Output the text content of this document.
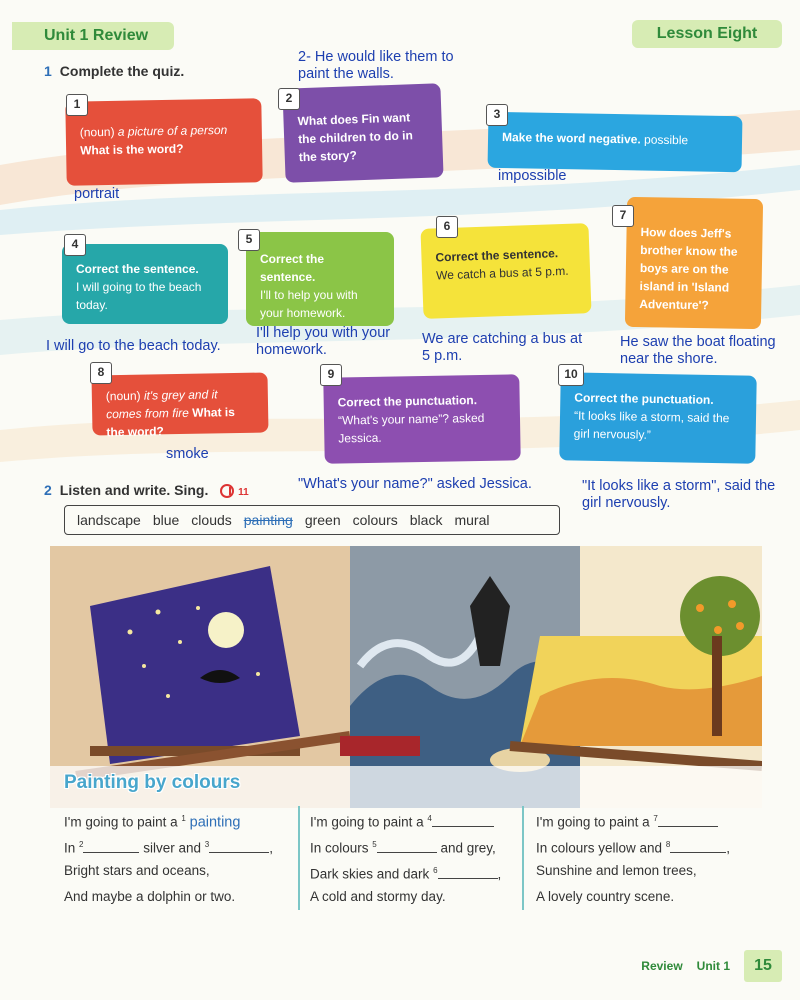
Unit 1 Review	Lesson Eight
1 Complete the quiz.
(noun) a picture of a person
What is the word?
1
What does Fin want the children to do in the story?
2
Make the word negative. possible
3
Correct the sentence.
I will going to the beach today.
4
Correct the sentence.
I'll to help you with your homework.
5
Correct the sentence.
We catch a bus at 5 p.m.
6	How does Jeff's brother know the boys are on the island in 'Island Adventure'?
7
(noun) it's grey and it comes from fire What is the word?
8
Correct the punctuation.
“What's your name”? asked Jessica.
9
Correct the punctuation.
“It looks like a storm, said the girl nervously.”
10
portrait
2- He would like them to paint the walls.
impossible
I will go to the beach today.
I'll help you with your homework.
We are catching a bus at 5 p.m.
He saw the boat floating near the shore.
smoke
"What's your name?" asked Jessica.	"It looks like a storm", said the girl nervously.
2 Listen and write. Sing.	11
landscape blue clouds painting green colours black mural
Painting by colours
I'm going to paint a $^1$ painting
In $^2$	silver and $^3$	,
Bright stars and oceans,
And maybe a dolphin or two.
I'm going to paint a $^4$
In colours $^5$	and grey,
Dark skies and dark $^6$	,
A cold and stormy day.
I'm going to paint a $^7$
In colours yellow and $^8$	,
Sunshine and lemon trees,
A lovely country scene.
Review Unit 1	15
